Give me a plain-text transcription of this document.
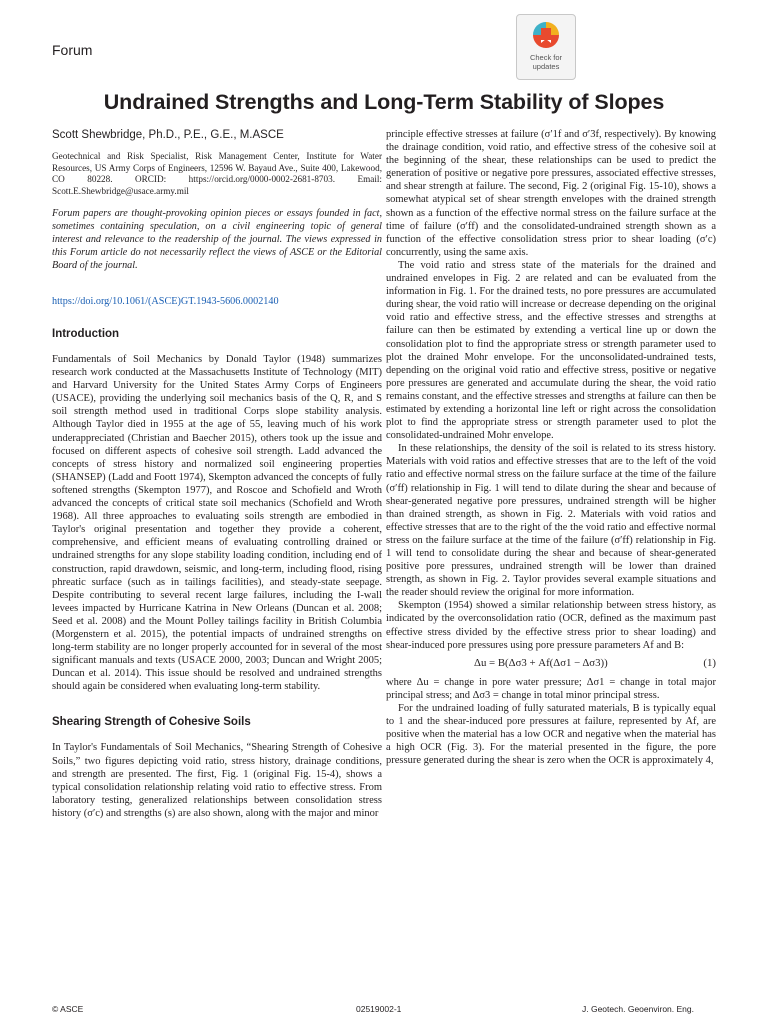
Forum	Check for updates
Undrained Strengths and Long-Term Stability of Slopes
Scott Shewbridge, Ph.D., P.E., G.E., M.ASCE

Geotechnical and Risk Specialist, Risk Management Center, Institute for Water Resources, US Army Corps of Engineers, 12596 W. Bayaud Ave., Suite 400, Lakewood, CO 80228. ORCID: https://orcid.org/0000-0002-2681-8703. Email: Scott.E.Shewbridge@usace.army.mil

Forum papers are thought-provoking opinion pieces or essays founded in fact, sometimes containing speculation, on a civil engineering topic of general interest and relevance to the readership of the journal. The views expressed in this Forum article do not necessarily reflect the views of ASCE or the Editorial Board of the journal.

https://doi.org/10.1061/(ASCE)GT.1943-5606.0002140
Introduction

Fundamentals of Soil Mechanics by Donald Taylor (1948) summarizes research work conducted at the Massachusetts Institute of Technology (MIT) and Harvard University for the United States Army Corps of Engineers (USACE), providing the underlying soil mechanics basis of the Q, R, and S soil strength method used in traditional Corps slope stability analysis. Although Taylor died in 1955 at the age of 55, leaving much of his work underappreciated (Christian and Baecher 2015), others took up the issue and focused on different aspects of cohesive soil strength. Ladd advanced the concepts of stress history and normalized soil engineering properties (SHANSEP) (Ladd and Foott 1974), Skempton advanced the concepts of fully softened strengths (Skempton 1977), and Roscoe and Schofield and Wroth advanced the concepts of critical state soil mechanics (Schofield and Wroth 1968). All three approaches to evaluating soils strength are embodied in Taylor's original presentation and together they provide a coherent, comprehensive, and efficient means of evaluating controlling drained or undrained strengths for any slope stability loading condition, including end of construction, rapid drawdown, seismic, and long-term, including flood, rising phreatic surface (such as in tailings facilities), and steady-state seepage. Despite contributing to several recent large failures, including the I-wall levees impacted by Hurricane Katrina in New Orleans (Duncan et al. 2008; Seed et al. 2008) and the Mount Polley tailings facility in British Columbia (Morgenstern et al. 2015), the potential impacts of undrained strengths on long-term stability are no longer properly accounted for in several of the most significant manuals and texts (USACE 2000, 2003; Duncan and Wright 2005; Duncan et al. 2014). This issue should be resolved and undrained strengths should again be considered when evaluating long-term stability.

Shearing Strength of Cohesive Soils

In Taylor's Fundamentals of Soil Mechanics, “Shearing Strength of Cohesive Soils,” two figures depicting void ratio, stress history, drainage conditions, and strength are presented. The first, Fig. 1 (original Fig. 15-4), shows a typical consolidation relationship relating void ratio to effective stress. From laboratory testing, generalized relationships between consolidation stress history (σ′c) and strengths (s) are also shown, along with the major and minor

principle effective stresses at failure (σ′1f and σ′3f, respectively). By knowing the drainage condition, void ratio, and effective stress of the cohesive soil at the beginning of the shear, these relationships can be used to predict the generation of positive or negative pore pressures, associated effective stresses, and shear strength at failure. The second, Fig. 2 (original Fig. 15-10), shows a somewhat atypical set of shear strength envelopes with the drained strength shown as a function of the effective normal stress on the failure surface at the time of failure (σ′ff) and the consolidated-undrained strength shown as a function of the effective consolidation stress prior to shear loading (σ′c) concurrently, using the same axis.

The void ratio and stress state of the materials for the drained and undrained envelopes in Fig. 2 are related and can be evaluated from the information in Fig. 1. For the drained tests, no pore pressures are accumulated during shear, the void ratio will increase or decrease depending on the original void ratio and effective stress, and the effective stresses and strengths at failure can then be estimated by extending a vertical line up or down the consolidation plot to find the appropriate stress or strength parameter used to plot the drained Mohr envelope. For the unconsolidated-undrained tests, depending on the original void ratio and effective stress, positive or negative pore pressures are generated and accumulate during the shear, the void ratio remains constant, and the effective stresses and strengths at failure can then be estimated by extending a horizontal line left or right across the consolidation plot to find the appropriate stress or strength parameter used to plot the consolidated-undrained Mohr envelope.

In these relationships, the density of the soil is related to its stress history. Materials with void ratios and effective stresses that are to the left of the void ratio and effective normal stress on the failure surface at the time of the failure (σ′ff) relationship in Fig. 1 will tend to dilate during the shear and because of shear-generated negative pore pressures, undrained strength will be higher than drained strength, as shown in Fig. 2. Materials with void ratios and effective stresses that are to the right of the the void ratio and effective normal stress on the failure surface at the time of the failure (σ′ff) relationship in Fig. 1 will tend to consolidate during the shear and because of shear-generated positive pore pressures, undrained strength will be lower than drained strength, as shown in Fig. 2. Taylor provides several example situations and the reader should review the original for more information.

Skempton (1954) showed a similar relationship between stress history, as indicated by the overconsolidation ratio (OCR, defined as the maximum past effective stress divided by the effective stress prior to shear loading) and shear-induced pore pressures using pore pressure parameters Af and B:

Δu = B(Δσ3 + Af(Δσ1 − Δσ3))	(1)

where Δu = change in pore water pressure; Δσ1 = change in total major principal stress; and Δσ3 = change in total minor principal stress.

For the undrained loading of fully saturated materials, B is typically equal to 1 and the shear-induced pore pressures at failure, represented by Af, are positive when the material has a low OCR and negative when the material has a high OCR (Fig. 3). For the material presented in the figure, the pore pressure generated during the shear is zero when the OCR is approximately 4,

© ASCE	02519002-1	J. Geotech. Geoenviron. Eng.
